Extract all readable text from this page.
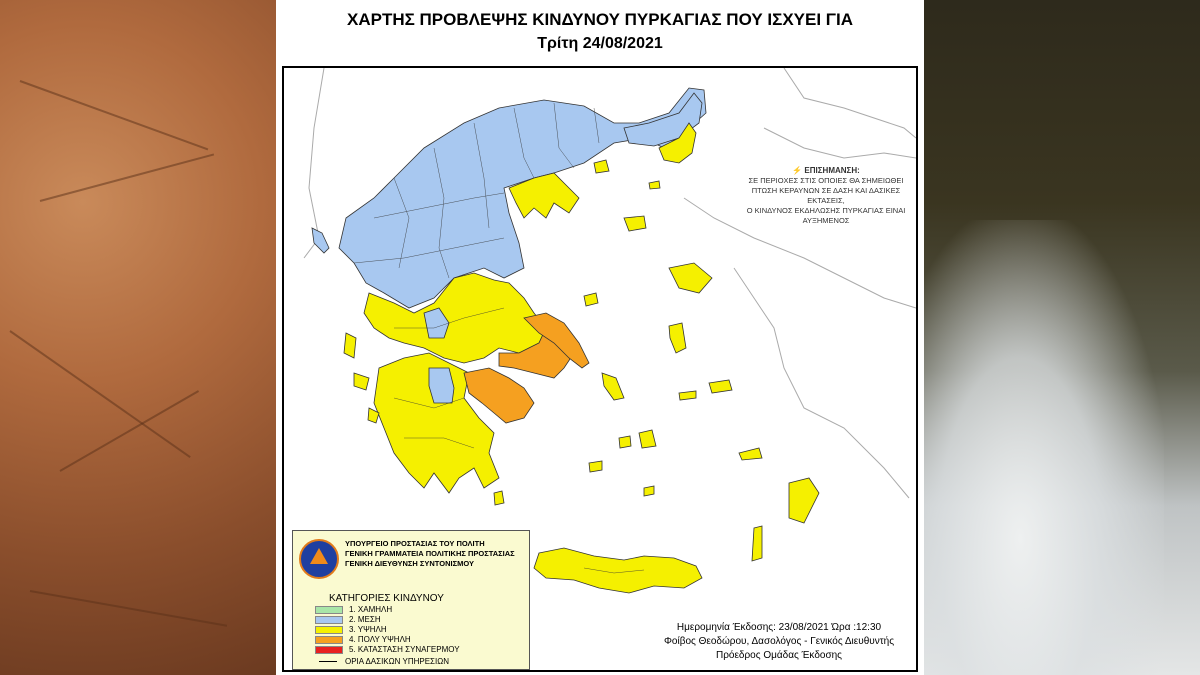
ΧΑΡΤΗΣ ΠΡΟΒΛΕΨΗΣ ΚΙΝΔΥΝΟΥ ΠΥΡΚΑΓΙΑΣ ΠΟΥ ΙΣΧΥΕΙ ΓΙΑ
Τρίτη 24/08/2021
⚡ ΕΠΙΣΗΜΑΝΣΗ:
ΣΕ ΠΕΡΙΟΧΕΣ ΣΤΙΣ ΟΠΟΙΕΣ ΘΑ ΣΗΜΕΙΩΘΕΙ
ΠΤΩΣΗ ΚΕΡΑΥΝΩΝ ΣΕ ΔΑΣΗ ΚΑΙ ΔΑΣΙΚΕΣ ΕΚΤΑΣΕΙΣ,
Ο ΚΙΝΔΥΝΟΣ ΕΚΔΗΛΩΣΗΣ ΠΥΡΚΑΓΙΑΣ ΕΙΝΑΙ ΑΥΞΗΜΕΝΟΣ
ΥΠΟΥΡΓΕΙΟ ΠΡΟΣΤΑΣΙΑΣ ΤΟΥ ΠΟΛΙΤΗ
ΓΕΝΙΚΗ ΓΡΑΜΜΑΤΕΙΑ ΠΟΛΙΤΙΚΗΣ ΠΡΟΣΤΑΣΙΑΣ
ΓΕΝΙΚΗ ΔΙΕΥΘΥΝΣΗ ΣΥΝΤΟΝΙΣΜΟΥ
ΚΑΤΗΓΟΡΙΕΣ ΚΙΝΔΥΝΟΥ
1. ΧΑΜΗΛΗ
2. ΜΕΣΗ
3. ΥΨΗΛΗ
4. ΠΟΛΥ ΥΨΗΛΗ
5. ΚΑΤΑΣΤΑΣΗ ΣΥΝΑΓΕΡΜΟΥ
ΟΡΙΑ ΔΑΣΙΚΩΝ ΥΠΗΡΕΣΙΩΝ
Ημερομηνία Έκδοσης: 23/08/2021 Ώρα :12:30
Φοίβος Θεοδώρου, Δασολόγος - Γενικός Διευθυντής
Πρόεδρος Ομάδας Έκδοσης
